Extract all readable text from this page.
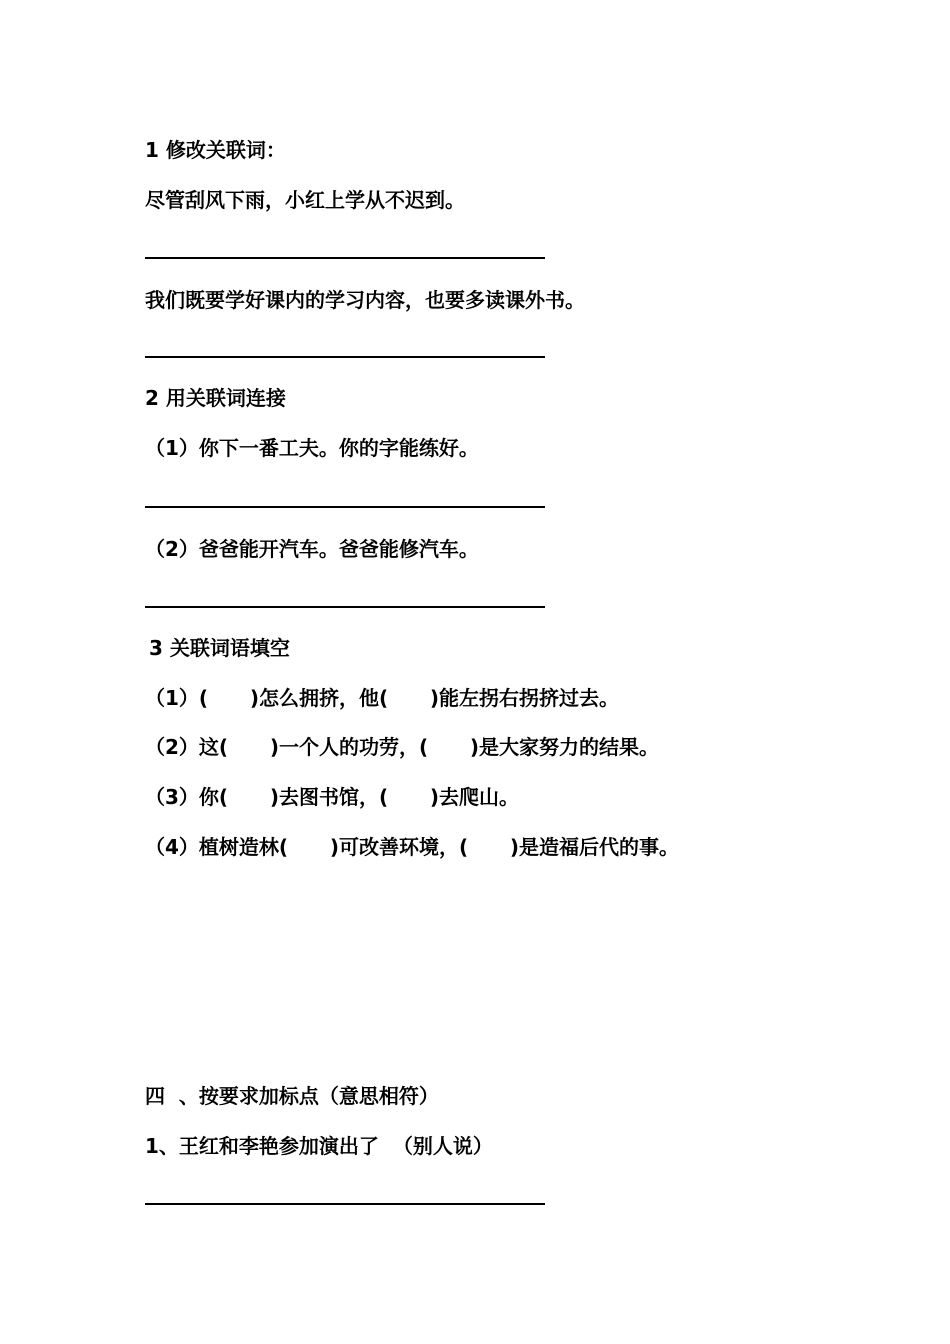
1 修改关联词：
尽管刮风下雨，小红上学从不迟到。
我们既要学好课内的学习内容，也要多读课外书。
2 用关联词连接
（1）你下一番工夫。你的字能练好。
（2）爸爸能开汽车。爸爸能修汽车。
3 关联词语填空
（1）(      )怎么拥挤，他(      )能左拐右拐挤过去。
（2）这(      )一个人的功劳，(      )是大家努力的结果。
（3）你(      )去图书馆，(      )去爬山。
（4）植树造林(      )可改善环境，(      )是造福后代的事。
四  、按要求加标点（意思相符）
1、王红和李艳参加演出了  （别人说）
